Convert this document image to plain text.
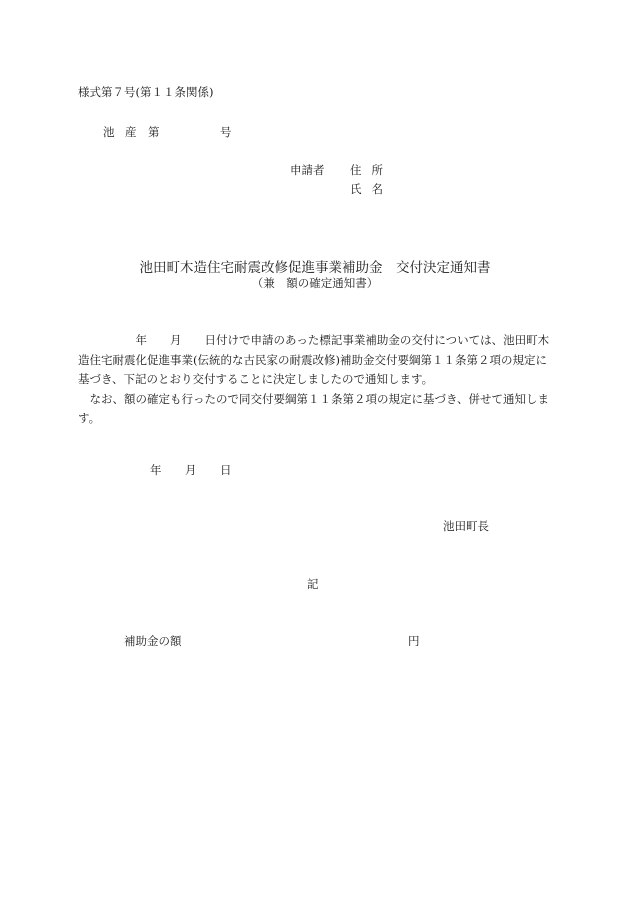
様式第７号(第１１条関係)
池 産 第	号
申請者 住所
氏名
池田町木造住宅耐震改修促進事業補助金　交付決定通知書
（兼　額の確定通知書）

　　　　　年　　月　　日付けで申請のあった標記事業補助金の交付については、池田町木造住宅耐震化促進事業(伝統的な古民家の耐震改修)補助金交付要綱第１１条第２項の規定に基づき、下記のとおり交付することに決定しましたので通知します。

なお、額の確定も行ったので同交付要綱第１１条第２項の規定に基づき、併せて通知します。

年 月 日
池田町長
記
補助金の額	円
